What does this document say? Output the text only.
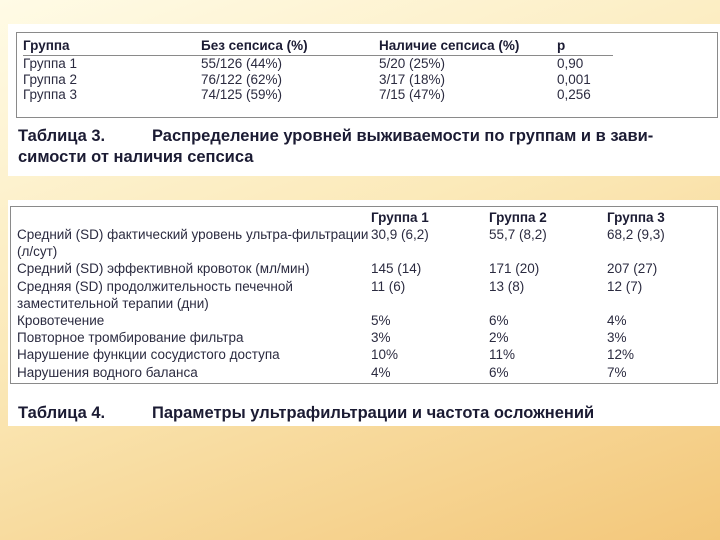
Группа	Без сепсиса (%)	Наличие сепсиса (%)	p
Группа 1	55/126 (44%)	5/20 (25%)	0,90
Группа 2	76/122 (62%)	3/17 (18%)	0,001
Группа 3	74/125 (59%)	7/15 (47%)	0,256
Таблица 3.	Распределение уровней выживаемости по группам и в зави-симости от наличия сепсиса
	Группа 1	Группа 2	Группа 3
Средний (SD) фактический уровень ультра-фильтрации (л/сут)	30,9 (6,2)	55,7 (8,2)	68,2 (9,3)
Средний (SD) эффективной кровоток (мл/мин)	145 (14)	171 (20)	207 (27)
Средняя (SD) продолжительность печечной заместительной терапии (дни)	11 (6)	13 (8)	12 (7)
Кровотечение	5%	6%	4%
Повторное тромбирование фильтра	3%	2%	3%
Нарушение функции сосудистого доступа	10%	11%	12%
Нарушения водного баланса	4%	6%	7%
Таблица 4.	Параметры ультрафильтрации и частота осложнений
